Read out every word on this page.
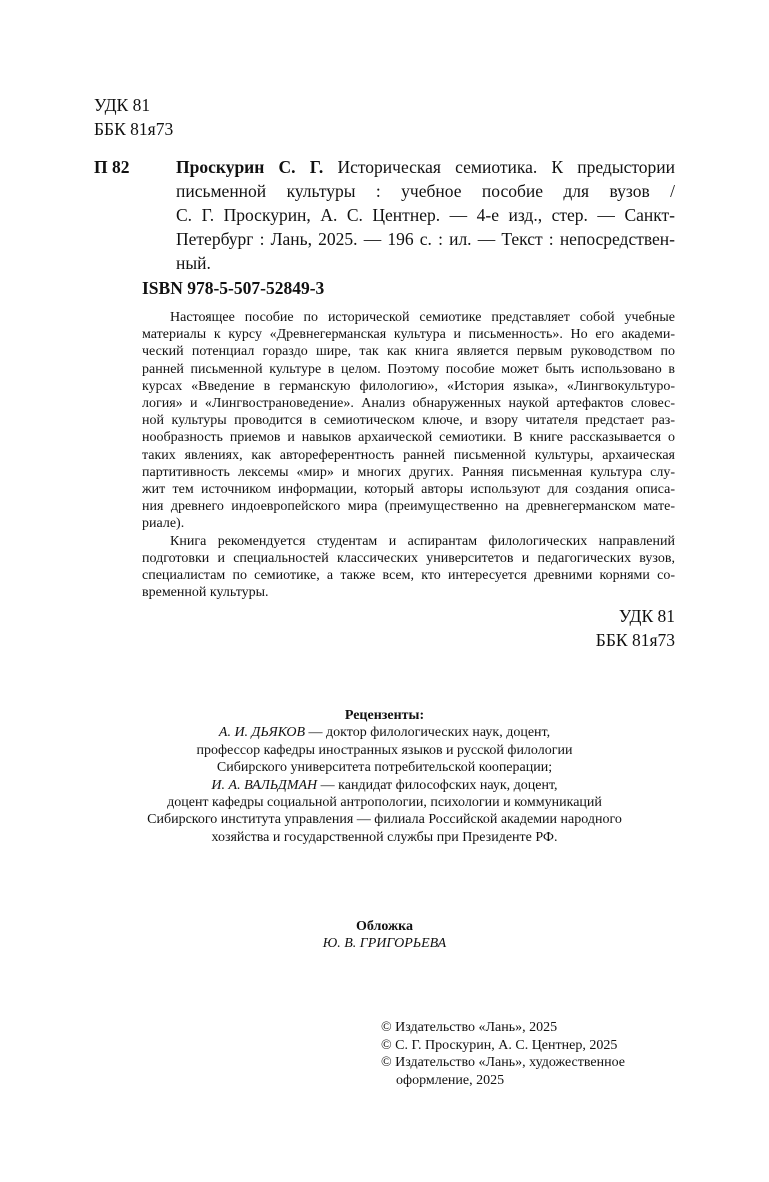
УДК 81
ББК 81я73
П 82	Проскурин С. Г. Историческая семиотика. К предыстории
письменной культуры : учебное пособие для вузов /
С. Г. Проскурин, А. С. Центнер. — 4-е изд., стер. — Санкт-
Петербург : Лань, 2025. — 196 с. : ил. — Текст : непосредствен-
ный.
ISBN 978-5-507-52849-3
Настоящее пособие по исторической семиотике представляет собой учебные
материалы к курсу «Древнегерманская культура и письменность». Но его академи-
ческий потенциал гораздо шире, так как книга является первым руководством по
ранней письменной культуре в целом. Поэтому пособие может быть использовано в
курсах «Введение в германскую филологию», «История языка», «Лингвокультуро-
логия» и «Лингвострановедение». Анализ обнаруженных наукой артефактов словес-
ной культуры проводится в семиотическом ключе, и взору читателя предстает раз-
нообразность приемов и навыков архаической семиотики. В книге рассказывается о
таких явлениях, как автореферентность ранней письменной культуры, архаическая
партитивность лексемы «мир» и многих других. Ранняя письменная культура слу-
жит тем источником информации, который авторы используют для создания описа-
ния древнего индоевропейского мира (преимущественно на древнегерманском мате-
риале).
Книга рекомендуется студентам и аспирантам филологических направлений
подготовки и специальностей классических университетов и педагогических вузов,
специалистам по семиотике, а также всем, кто интересуется древними корнями со-
временной культуры.
УДК 81
ББК 81я73
Рецензенты:
А. И. ДЬЯКОВ — доктор филологических наук, доцент,
профессор кафедры иностранных языков и русской филологии
Сибирского университета потребительской кооперации;
И. А. ВАЛЬДМАН — кандидат философских наук, доцент,
доцент кафедры социальной антропологии, психологии и коммуникаций
Сибирского института управления — филиала Российской академии народного
хозяйства и государственной службы при Президенте РФ.
Обложка
Ю. В. ГРИГОРЬЕВА
© Издательство «Лань», 2025
© С. Г. Проскурин, А. С. Центнер, 2025
© Издательство «Лань», художественное
оформление, 2025
